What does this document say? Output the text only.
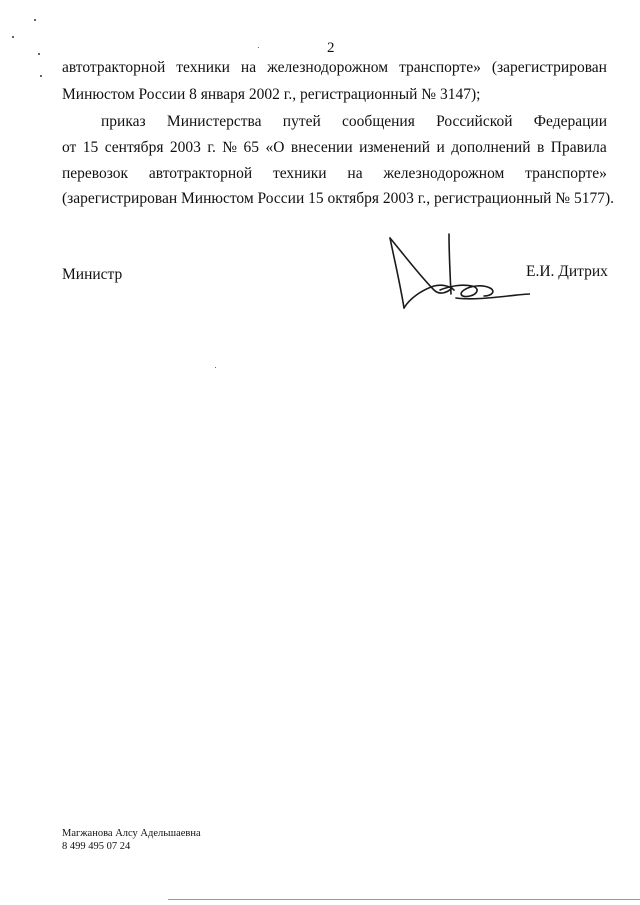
2
автотракторной техники на железнодорожном транспорте» (зарегистрирован
Минюстом России 8 января 2002 г., регистрационный № 3147);
приказ Министерства путей сообщения Российской Федерации
от 15 сентября 2003 г. № 65 «О внесении изменений и дополнений в Правила
перевозок автотракторной техники на железнодорожном транспорте»
(зарегистрирован Минюстом России 15 октября 2003 г., регистрационный № 5177).
Министр	Е.И. Дитрих
Магжанова Алсу Адельшаевна
8 499 495 07 24
